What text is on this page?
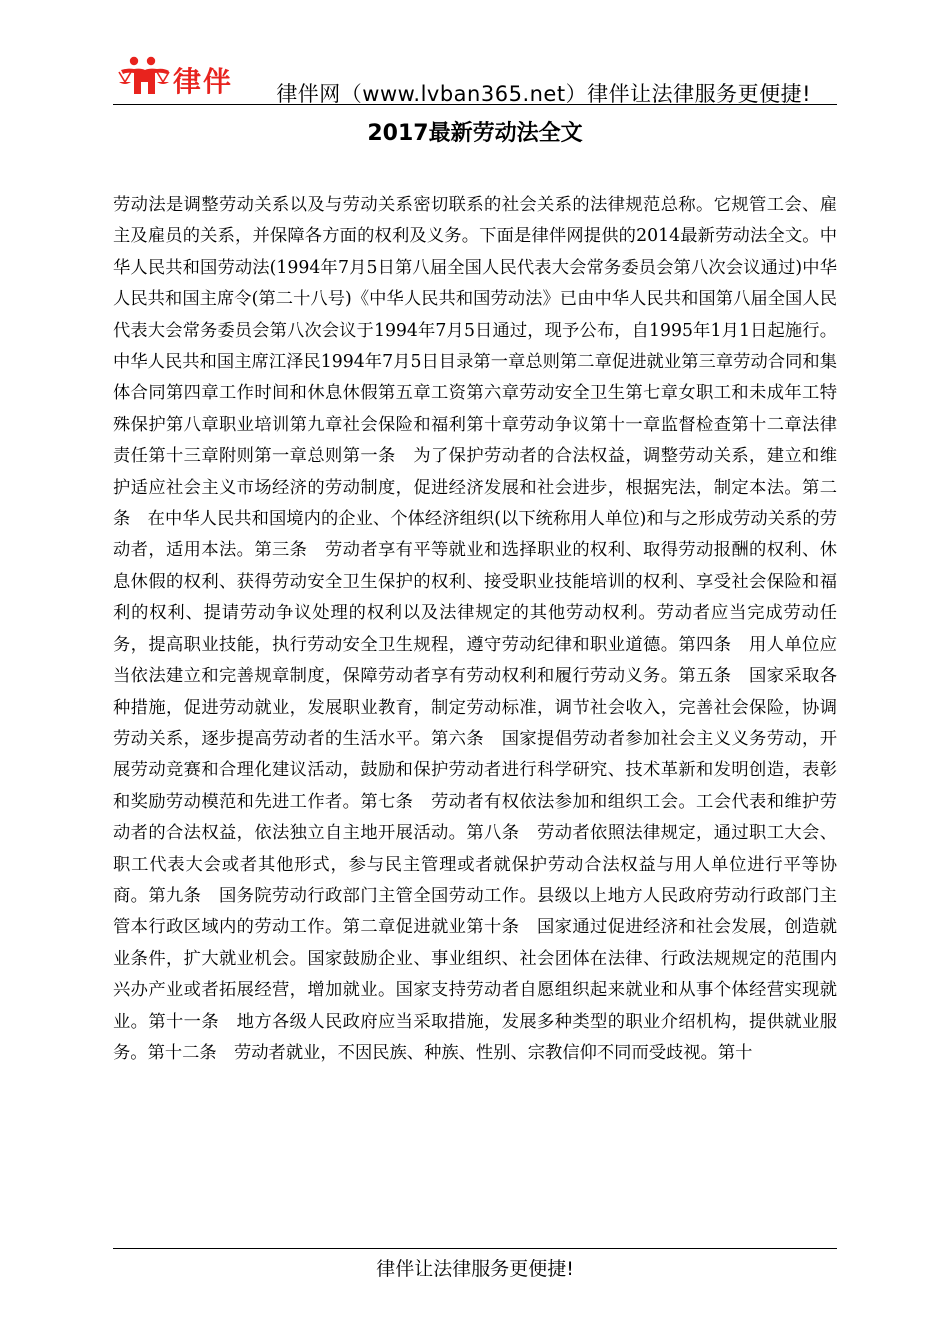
律伴 律伴网（www.lvban365.net）律伴让法律服务更便捷!
2017最新劳动法全文

劳动法是调整劳动关系以及与劳动关系密切联系的社会关系的法律规范总称。它规管工会、雇主及雇员的关系，并保障各方面的权利及义务。下面是律伴网提供的2014最新劳动法全文。中华人民共和国劳动法(1994年7月5日第八届全国人民代表大会常务委员会第八次会议通过)中华人民共和国主席令(第二十八号)《中华人民共和国劳动法》已由中华人民共和国第八届全国人民代表大会常务委员会第八次会议于1994年7月5日通过，现予公布，自1995年1月1日起施行。中华人民共和国主席江泽民1994年7月5日目录第一章总则第二章促进就业第三章劳动合同和集体合同第四章工作时间和休息休假第五章工资第六章劳动安全卫生第七章女职工和未成年工特殊保护第八章职业培训第九章社会保险和福利第十章劳动争议第十一章监督检查第十二章法律责任第十三章附则第一章总则第一条　为了保护劳动者的合法权益，调整劳动关系，建立和维护适应社会主义市场经济的劳动制度，促进经济发展和社会进步，根据宪法，制定本法。第二条　在中华人民共和国境内的企业、个体经济组织(以下统称用人单位)和与之形成劳动关系的劳动者，适用本法。第三条　劳动者享有平等就业和选择职业的权利、取得劳动报酬的权利、休息休假的权利、获得劳动安全卫生保护的权利、接受职业技能培训的权利、享受社会保险和福利的权利、提请劳动争议处理的权利以及法律规定的其他劳动权利。劳动者应当完成劳动任务，提高职业技能，执行劳动安全卫生规程，遵守劳动纪律和职业道德。第四条　用人单位应当依法建立和完善规章制度，保障劳动者享有劳动权利和履行劳动义务。第五条　国家采取各种措施，促进劳动就业，发展职业教育，制定劳动标准，调节社会收入，完善社会保险，协调劳动关系，逐步提高劳动者的生活水平。第六条　国家提倡劳动者参加社会主义义务劳动，开展劳动竞赛和合理化建议活动，鼓励和保护劳动者进行科学研究、技术革新和发明创造，表彰和奖励劳动模范和先进工作者。第七条　劳动者有权依法参加和组织工会。工会代表和维护劳动者的合法权益，依法独立自主地开展活动。第八条　劳动者依照法律规定，通过职工大会、职工代表大会或者其他形式，参与民主管理或者就保护劳动合法权益与用人单位进行平等协商。第九条　国务院劳动行政部门主管全国劳动工作。县级以上地方人民政府劳动行政部门主管本行政区域内的劳动工作。第二章促进就业第十条　国家通过促进经济和社会发展，创造就业条件，扩大就业机会。国家鼓励企业、事业组织、社会团体在法律、行政法规规定的范围内兴办产业或者拓展经营，增加就业。国家支持劳动者自愿组织起来就业和从事个体经营实现就业。第十一条　地方各级人民政府应当采取措施，发展多种类型的职业介绍机构，提供就业服务。第十二条　劳动者就业，不因民族、种族、性别、宗教信仰不同而受歧视。第十

律伴让法律服务更便捷!
